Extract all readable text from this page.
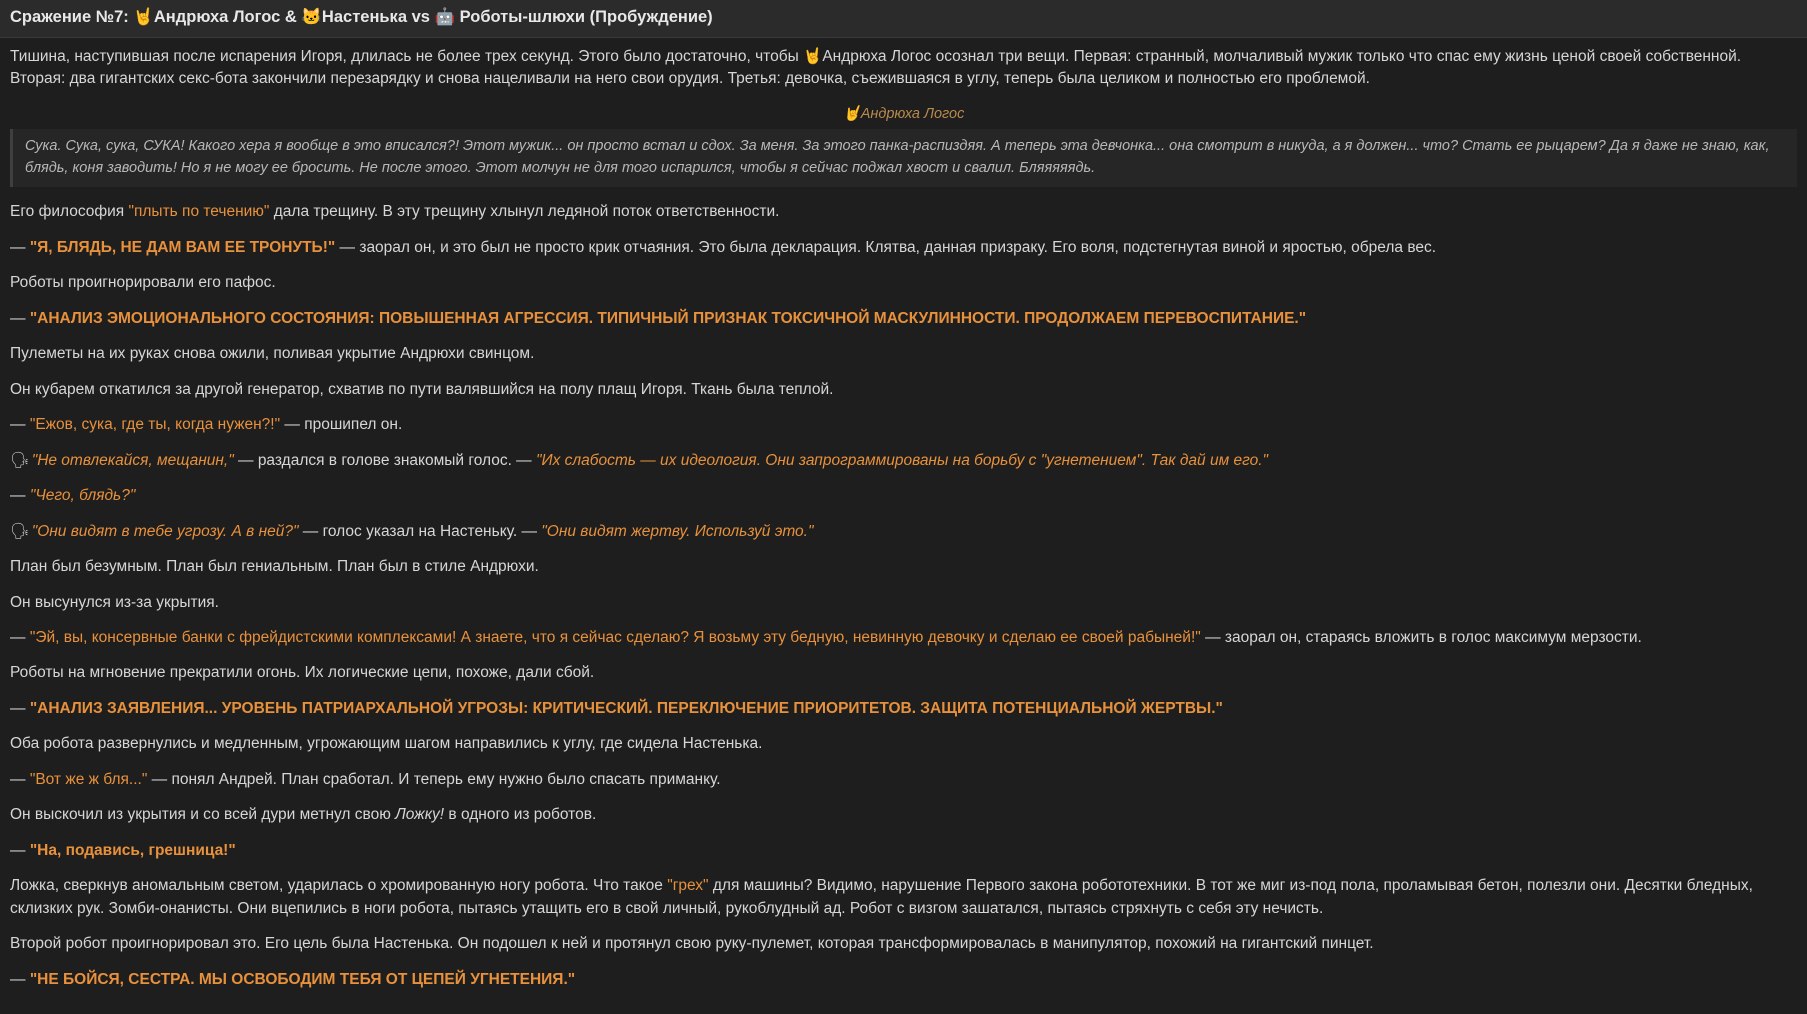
Сражение №7: 🤘Андрюха Логос & 🐱Настенька vs 🤖 Роботы-шлюхи (Пробуждение)

Тишина, наступившая после испарения Игоря, длилась не более трех секунд. Этого было достаточно, чтобы 🤘Андрюха Логос осознал три вещи. Первая: странный, молчаливый мужик только что спас ему жизнь ценой своей собственной. Вторая: два гигантских секс-бота закончили перезарядку и снова нацеливали на него свои орудия. Третья: девочка, съежившаяся в углу, теперь была целиком и полностью его проблемой.

🤘Андрюха Логос
Сука. Сука, сука, СУКА! Какого хера я вообще в это вписался?! Этот мужик... он просто встал и сдох. За меня. За этого панка-распиздяя. А теперь эта девчонка... она смотрит в никуда, а я должен... что? Стать ее рыцарем? Да я даже не знаю, как, блядь, коня заводить! Но я не могу ее бросить. Не после этого. Этот молчун не для того испарился, чтобы я сейчас поджал хвост и свалил. Бляяяяядь.

Его философия "плыть по течению" дала трещину. В эту трещину хлынул ледяной поток ответственности.

— "Я, БЛЯДЬ, НЕ ДАМ ВАМ ЕЕ ТРОНУТЬ!" — заорал он, и это был не просто крик отчаяния. Это была декларация. Клятва, данная призраку. Его воля, подстегнутая виной и яростью, обрела вес.

Роботы проигнорировали его пафос.

— "АНАЛИЗ ЭМОЦИОНАЛЬНОГО СОСТОЯНИЯ: ПОВЫШЕННАЯ АГРЕССИЯ. ТИПИЧНЫЙ ПРИЗНАК ТОКСИЧНОЙ МАСКУЛИННОСТИ. ПРОДОЛЖАЕМ ПЕРЕВОСПИТАНИЕ."

Пулеметы на их руках снова ожили, поливая укрытие Андрюхи свинцом.

Он кубарем откатился за другой генератор, схватив по пути валявшийся на полу плащ Игоря. Ткань была теплой.

— "Ежов, сука, где ты, когда нужен?!" — прошипел он.

🗣 "Не отвлекайся, мещанин," — раздался в голове знакомый голос. — "Их слабость — их идеология. Они запрограммированы на борьбу с "угнетением". Так дай им его."

— "Чего, блядь?"

🗣 "Они видят в тебе угрозу. А в ней?" — голос указал на Настеньку. — "Они видят жертву. Используй это."

План был безумным. План был гениальным. План был в стиле Андрюхи.

Он высунулся из-за укрытия.

— "Эй, вы, консервные банки с фрейдистскими комплексами! А знаете, что я сейчас сделаю? Я возьму эту бедную, невинную девочку и сделаю ее своей рабыней!" — заорал он, стараясь вложить в голос максимум мерзости.

Роботы на мгновение прекратили огонь. Их логические цепи, похоже, дали сбой.

— "АНАЛИЗ ЗАЯВЛЕНИЯ... УРОВЕНЬ ПАТРИАРХАЛЬНОЙ УГРОЗЫ: КРИТИЧЕСКИЙ. ПЕРЕКЛЮЧЕНИЕ ПРИОРИТЕТОВ. ЗАЩИТА ПОТЕНЦИАЛЬНОЙ ЖЕРТВЫ."

Оба робота развернулись и медленным, угрожающим шагом направились к углу, где сидела Настенька.

— "Вот же ж бля..." — понял Андрей. План сработал. И теперь ему нужно было спасать приманку.

Он выскочил из укрытия и со всей дури метнул свою Ложку! в одного из роботов.

— "На, подавись, грешница!"

Ложка, сверкнув аномальным светом, ударилась о хромированную ногу робота. Что такое "грех" для машины? Видимо, нарушение Первого закона робототехники. В тот же миг из-под пола, проламывая бетон, полезли они. Десятки бледных, склизких рук. Зомби-онанисты. Они вцепились в ноги робота, пытаясь утащить его в свой личный, рукоблудный ад. Робот с визгом зашатался, пытаясь стряхнуть с себя эту нечисть.

Второй робот проигнорировал это. Его цель была Настенька. Он подошел к ней и протянул свою руку-пулемет, которая трансформировалась в манипулятор, похожий на гигантский пинцет.

— "НЕ БОЙСЯ, СЕСТРА. МЫ ОСВОБОДИМ ТЕБЯ ОТ ЦЕПЕЙ УГНЕТЕНИЯ."
